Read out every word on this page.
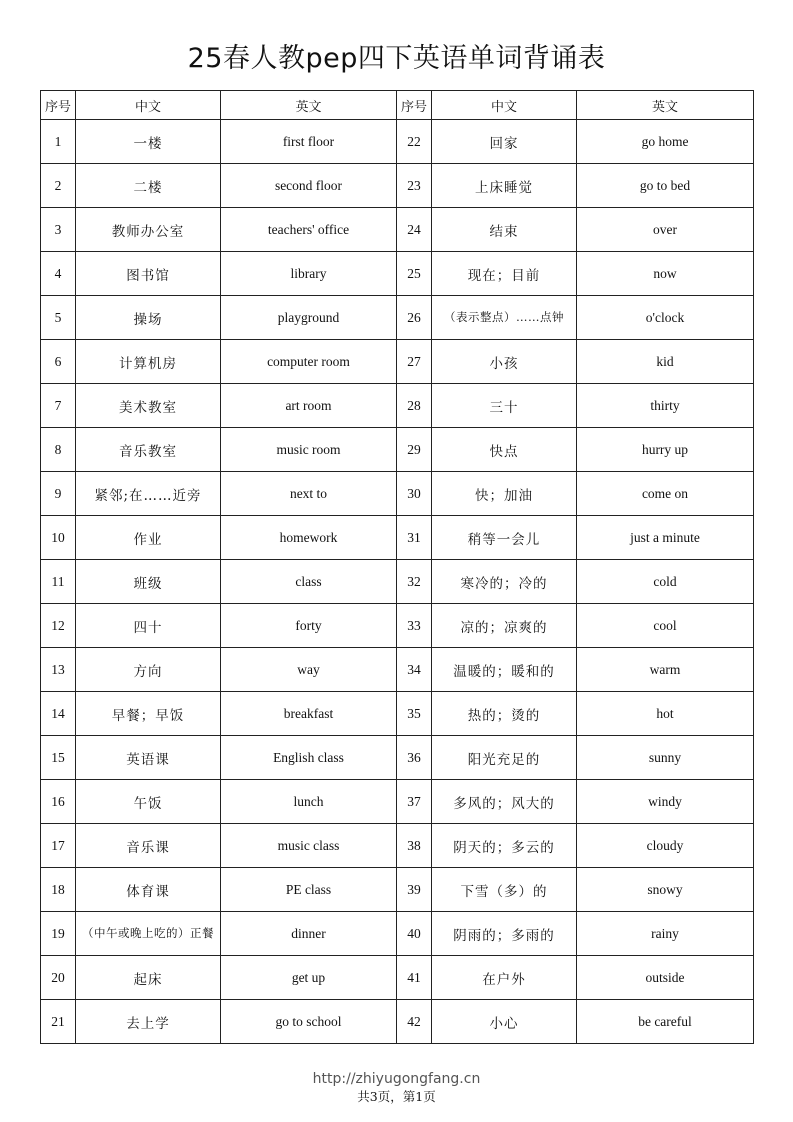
25春人教pep四下英语单词背诵表
序号	中文	英文	序号	中文	英文
1	一楼	first floor	22	回家	go home
2	二楼	second floor	23	上床睡觉	go to bed
3	教师办公室	teachers' office	24	结束	over
4	图书馆	library	25	现在；目前	now
5	操场	playground	26	（表示整点）……点钟	o'clock
6	计算机房	computer room	27	小孩	kid
7	美术教室	art room	28	三十	thirty
8	音乐教室	music room	29	快点	hurry up
9	紧邻;在……近旁	next to	30	快；加油	come on
10	作业	homework	31	稍等一会儿	just a minute
11	班级	class	32	寒冷的；冷的	cold
12	四十	forty	33	凉的；凉爽的	cool
13	方向	way	34	温暖的；暖和的	warm
14	早餐；早饭	breakfast	35	热的；烫的	hot
15	英语课	English class	36	阳光充足的	sunny
16	午饭	lunch	37	多风的；风大的	windy
17	音乐课	music class	38	阴天的；多云的	cloudy
18	体育课	PE class	39	下雪（多）的	snowy
19	（中午或晚上吃的）正餐	dinner	40	阴雨的；多雨的	rainy
20	起床	get up	41	在户外	outside
21	去上学	go to school	42	小心	be careful
http://zhiyugongfang.cn
共3页，第1页
